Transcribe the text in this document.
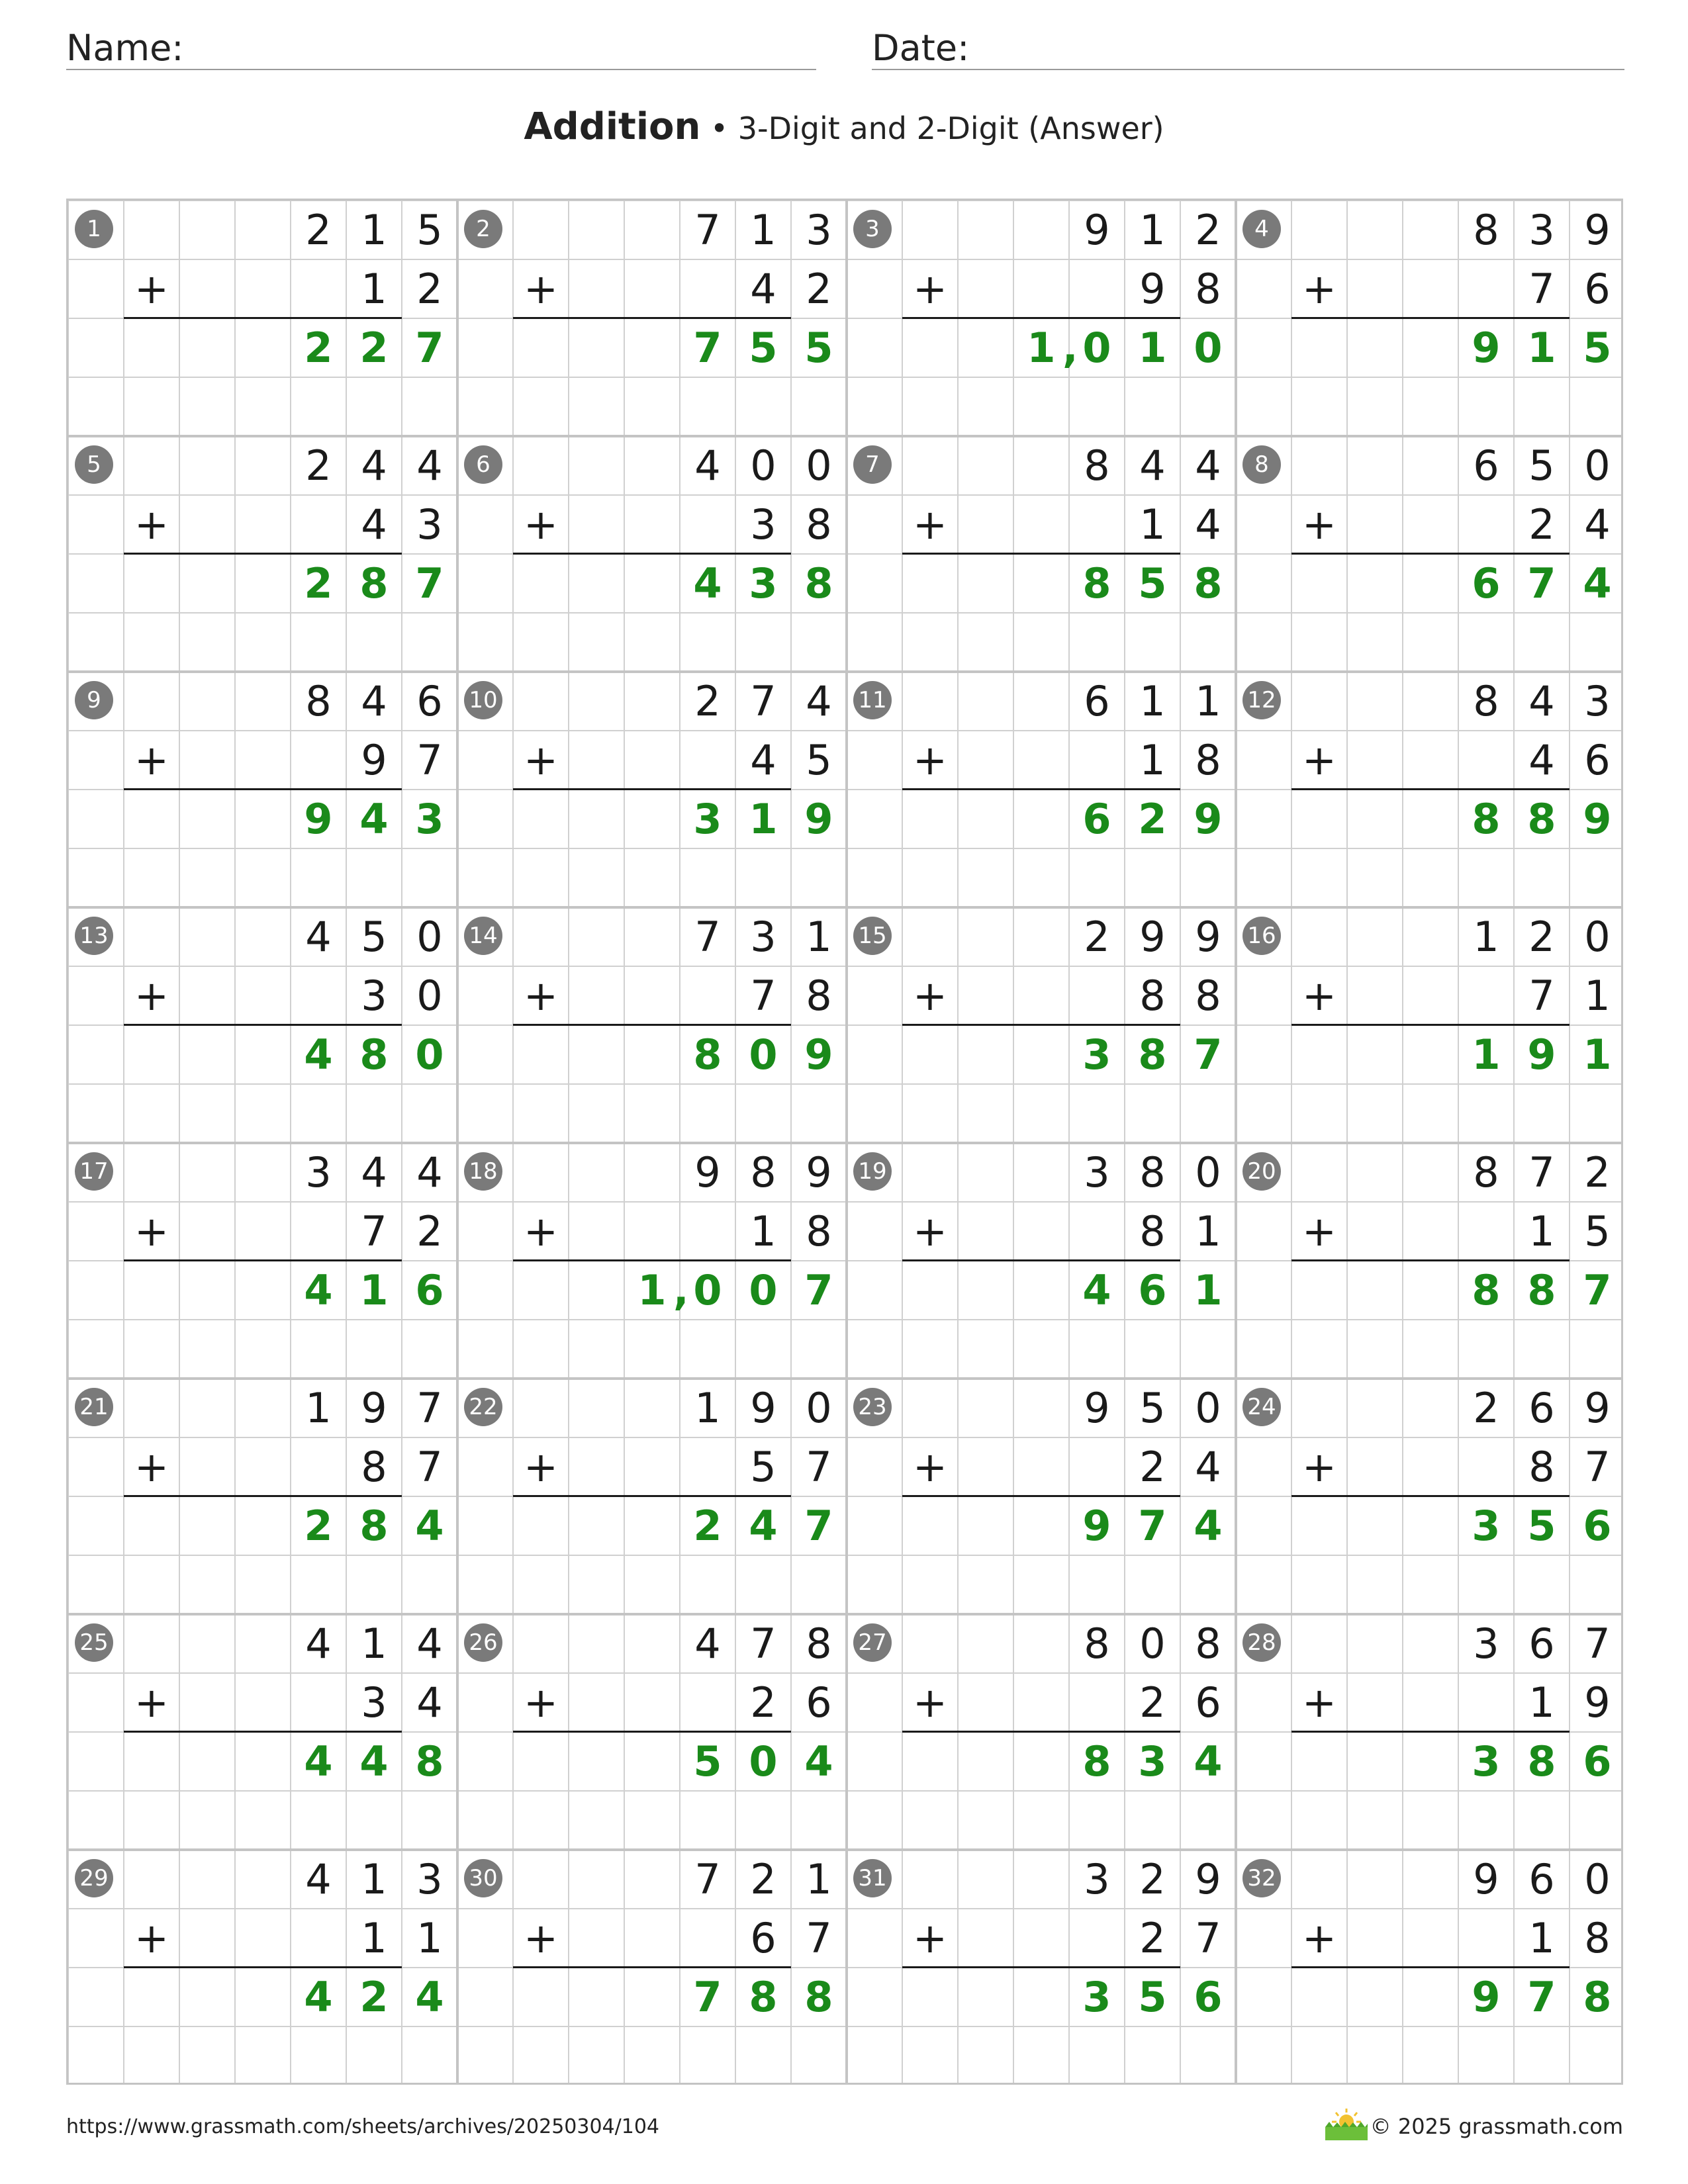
Name:	Date:
Addition • 3-Digit and 2-Digit (Answer)
1	2 1 5
+	1 2
2 2 7
2	7 1 3
+	4 2
7 5 5
3	9 1 2
+	9 8
1 0 1 0
,
4	8 3 9
+	7 6
9 1 5
5	2 4 4
+	4 3
2 8 7
6	4 0 0
+	3 8
4 3 8
7	8 4 4
+	1 4
8 5 8
8	6 5 0
+	2 4
6 7 4
9	8 4 6
+	9 7
9 4 3
10	2 7 4
+	4 5
3 1 9
11	6 1 1
+	1 8
6 2 9
12	8 4 3
+	4 6
8 8 9
13	4 5 0
+	3 0
4 8 0
14	7 3 1
+	7 8
8 0 9
15	2 9 9
+	8 8
3 8 7
16	1 2 0
+	7 1
1 9 1
17	3 4 4
+	7 2
4 1 6
18	9 8 9
+	1 8
1 0 0 7
,
19	3 8 0
+	8 1
4 6 1
20	8 7 2
+	1 5
8 8 7
21	1 9 7
+	8 7
2 8 4
22	1 9 0
+	5 7
2 4 7
23	9 5 0
+	2 4
9 7 4
24	2 6 9
+	8 7
3 5 6
25	4 1 4
+	3 4
4 4 8
26	4 7 8
+	2 6
5 0 4
27	8 0 8
+	2 6
8 3 4
28	3 6 7
+	1 9
3 8 6
29	4 1 3
+	1 1
4 2 4
30	7 2 1
+	6 7
7 8 8
31	3 2 9
+	2 7
3 5 6
32	9 6 0
+	1 8
9 7 8
https://www.grassmath.com/sheets/archives/20250304/104	© 2025 grassmath.com
